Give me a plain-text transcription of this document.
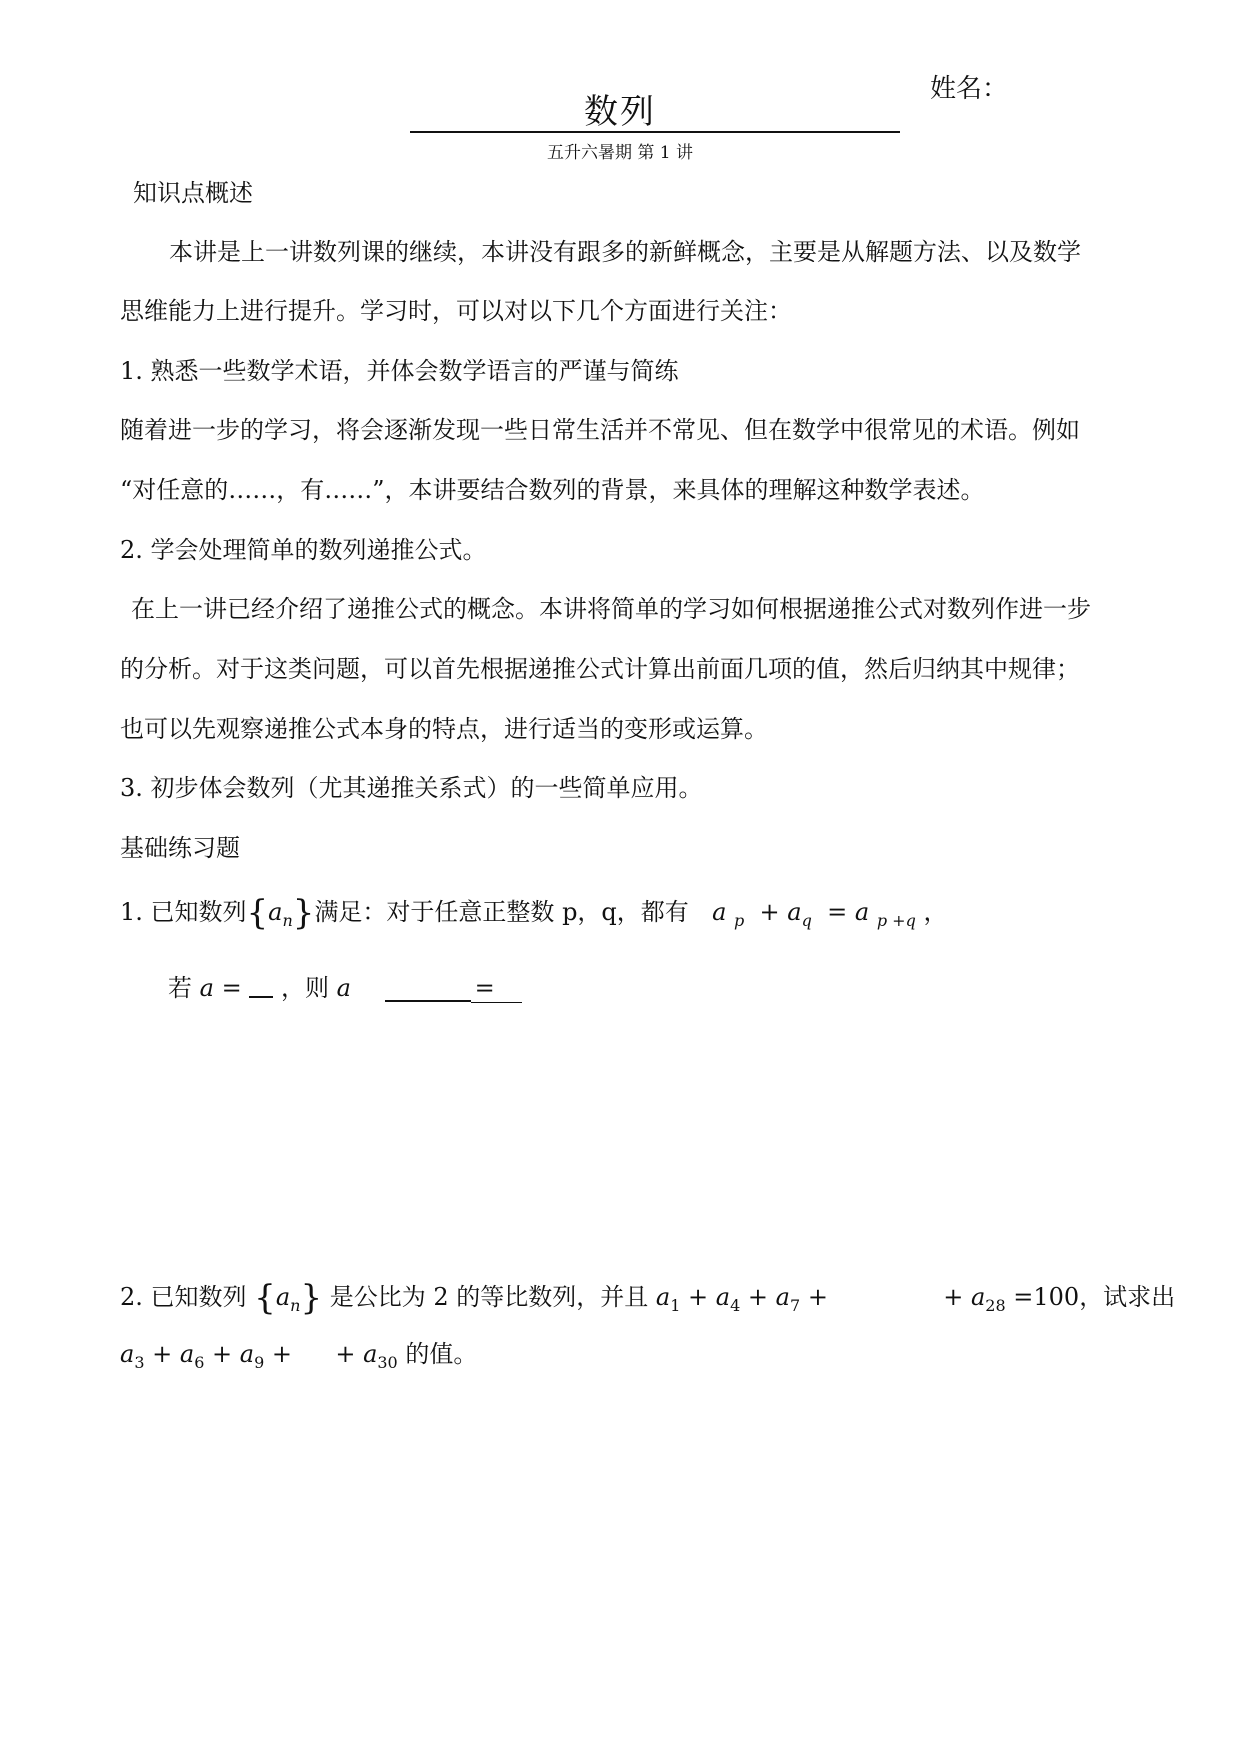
数列
姓名：
五升六暑期 第 1 讲
知识点概述
本讲是上一讲数列课的继续，本讲没有跟多的新鲜概念，主要是从解题方法、以及数学
思维能力上进行提升。学习时，可以对以下几个方面进行关注：
1. 熟悉一些数学术语，并体会数学语言的严谨与简练
随着进一步的学习，将会逐渐发现一些日常生活并不常见、但在数学中很常见的术语。例如
“对任意的……，有……”，本讲要结合数列的背景，来具体的理解这种数学表述。
2. 学会处理简单的数列递推公式。
在上一讲已经介绍了递推公式的概念。本讲将简单的学习如何根据递推公式对数列作进一步
的分析。对于这类问题，可以首先根据递推公式计算出前面几项的值，然后归纳其中规律；
也可以先观察递推公式本身的特点，进行适当的变形或运算。
3. 初步体会数列（尤其递推关系式）的一些简单应用。
基础练习题
1. 已知数列$\{a_n\}$满足：对于任意正整数 p，q，都有 a $_p + a_q = a$ $_{p +q}$ ，
若 a = ，则 a	=
2. 已知数列 $\{a_n\}$ 是公比为 2 的等比数列，并且 $a_1 + a_4 + a_7$ +	+ $a_{28} =100$，试求出
$a_3 + a_6 + a_9$ + + $a_{30}$ 的值。
